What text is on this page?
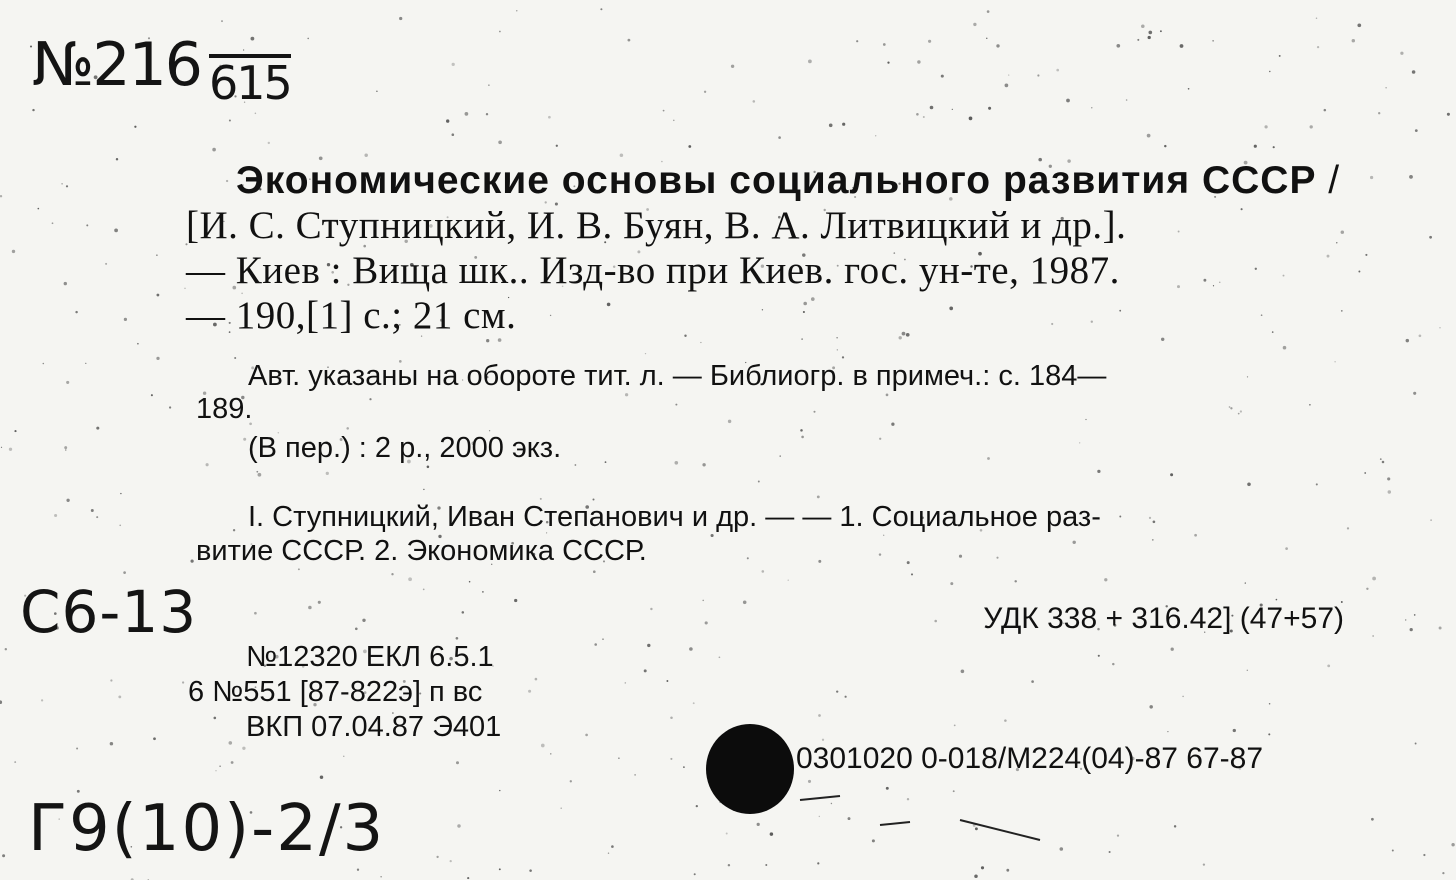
№216 615
Экономические основы социального развития СССР /
[И. С. Ступницкий, И. В. Буян, В. А. Литвицкий и др.].
— Киев : Вища шк.. Изд-во при Киев. гос. ун-те, 1987.
— 190,[1] с.; 21 см.
Авт. указаны на обороте тит. л. — Библиогр. в примеч.: с. 184—
189.
(В пер.) : 2 р., 2000 экз.
I. Ступницкий, Иван Степанович и др. — — 1. Социальное раз-
витие СССР. 2. Экономика СССР.
С6-13	УДК 338 + 316.42] (47+57)
№12320 ЕКЛ 6.5.1
6 №551 [87-822э] п вс
ВКП 07.04.87 Э401
0301020 0-018/М224(04)-87 67-87
Г9(10)-2/3
